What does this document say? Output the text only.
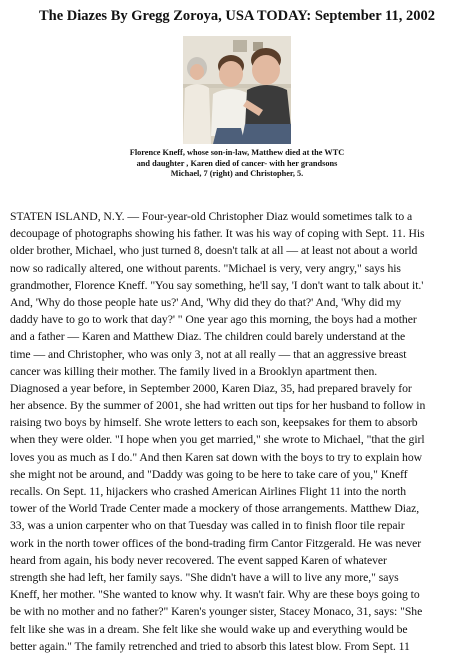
The Diazes By Gregg Zoroya, USA TODAY: September 11, 2002
Florence Kneff, whose son-in-law, Matthew died at the WTC
and daughter , Karen died of cancer- with her grandsons
Michael, 7 (right) and Christopher, 5.
STATEN ISLAND, N.Y. — Four-year-old Christopher Diaz would sometimes talk to a
decoupage of photographs showing his father. It was his way of coping with Sept. 11. His
older brother, Michael, who just turned 8, doesn't talk at all — at least not about a world
now so radically altered, one without parents. "Michael is very, very angry," says his
grandmother, Florence Kneff. "You say something, he'll say, 'I don't want to talk about it.'
And, 'Why do those people hate us?' And, 'Why did they do that?' And, 'Why did my
daddy have to go to work that day?' " One year ago this morning, the boys had a mother
and a father — Karen and Matthew Diaz. The children could barely understand at the
time — and Christopher, who was only 3, not at all really — that an aggressive breast
cancer was killing their mother. The family lived in a Brooklyn apartment then.
Diagnosed a year before, in September 2000, Karen Diaz, 35, had prepared bravely for
her absence. By the summer of 2001, she had written out tips for her husband to follow in
raising two boys by himself. She wrote letters to each son, keepsakes for them to absorb
when they were older. "I hope when you get married," she wrote to Michael, "that the girl
loves you as much as I do." And then Karen sat down with the boys to try to explain how
she might not be around, and "Daddy was going to be here to take care of you," Kneff
recalls. On Sept. 11, hijackers who crashed American Airlines Flight 11 into the north
tower of the World Trade Center made a mockery of those arrangements. Matthew Diaz,
33, was a union carpenter who on that Tuesday was called in to finish floor tile repair
work in the north tower offices of the bond-trading firm Cantor Fitzgerald. He was never
heard from again, his body never recovered. The event sapped Karen of whatever
strength she had left, her family says. "She didn't have a will to live any more," says
Kneff, her mother. "She wanted to know why. It wasn't fair. Why are these boys going to
be with no mother and no father?" Karen's younger sister, Stacey Monaco, 31, says: "She
felt like she was in a dream. She felt like she would wake up and everything would be
better again." The family retrenched and tried to absorb this latest blow. From Sept. 11
